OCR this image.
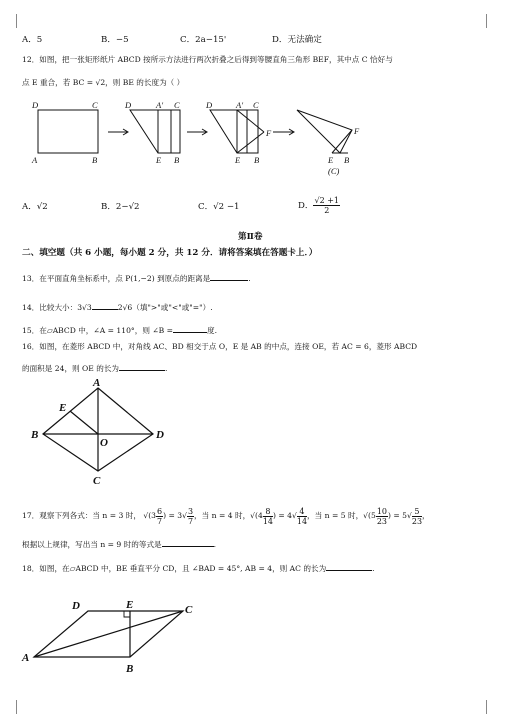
A．5	B．−5	C．2a−15'	D．无法确定
12．如图，把一张矩形纸片 ABCD 按所示方法进行两次折叠之后得到等腰直角三角形 BEF，其中点 C 恰好与
点 E 重合，若 BC = √2，则 BE 的长度为（ ）
D	C
A	B
D	A' C
E B
D	A' C
F
E B
F
E B
(C)
A．√2	B．2−√2	C．√2 −1	D． $\frac{√2 +1}{2}$
第Ⅱ卷
二、填空题（共 6 小题，每小题 2 分，共 12 分．请将答案填在答题卡上．）
13．在平面直角坐标系中，点 P(1,−2) 到原点的距离是	.
14．比较大小：3√3	2√6（填">"或"<"或"="）.
15．在▱ABCD 中，∠A = 110°，则 ∠B =	度.
16．如图，在菱形 ABCD 中，对角线 AC、BD 相交于点 O，E 是 AB 的中点，连接 OE，若 AC = 6，菱形 ABCD
的面积是 24，则 OE 的长为	.
A
E
B
O
D
C
17．观察下列各式：当 n = 3 时， $√(3 \frac{6}{7}$ ) = $3√ \frac{3}{7}$ ，当 n = 4 时，$√(4 \frac{8}{14}$ ) = $4√ \frac{4}{14}$ ，当 n = 5 时，$√(5 \frac{10}{23}$ ) = $5√ \frac{5}{23}$ ，
根据以上规律，写出当 n = 9 时的等式是	.
18．如图，在▱ABCD 中，BE 垂直平分 CD，且 ∠BAD = 45°, AB = 4，则 AC 的长为	.
D	E	C
A
B
